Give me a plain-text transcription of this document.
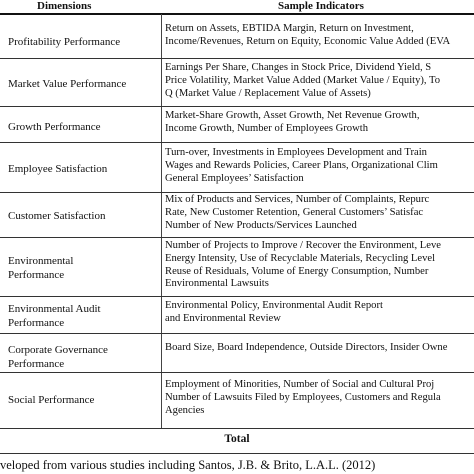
Dimensions	Sample Indicators
Profitability Performance
Return on Assets, EBTIDA Margin, Return on Investment,
Income/Revenues, Return on Equity, Economic Value Added (EVA
Market Value Performance
Earnings Per Share, Changes in Stock Price, Dividend Yield, S
Price Volatility, Market Value Added (Market Value / Equity), To
Q (Market Value / Replacement Value of Assets)
Growth Performance
Market-Share Growth, Asset Growth, Net Revenue Growth,
Income Growth, Number of Employees Growth
Employee Satisfaction
Turn-over, Investments in Employees Development and Train
Wages and Rewards Policies, Career Plans, Organizational Clim
General Employees’ Satisfaction
Customer Satisfaction
Mix of Products and Services, Number of Complaints, Repurc
Rate, New Customer Retention, General Customers’ Satisfac
Number of New Products/Services Launched
Environmental Performance
Number of Projects to Improve / Recover the Environment, Leve
Energy Intensity, Use of Recyclable Materials, Recycling Level
Reuse of Residuals, Volume of Energy Consumption, Number
Environmental Lawsuits
Environmental Audit Performance
Environmental Policy, Environmental Audit Report
and Environmental Review
Corporate Governance Performance
Board Size, Board Independence, Outside Directors, Insider Owne
Social Performance
Employment of Minorities, Number of Social and Cultural Proj
Number of Lawsuits Filed by Employees, Customers and Regula
Agencies
Total
veloped from various studies including Santos, J.B. & Brito, L.A.L. (2012)
